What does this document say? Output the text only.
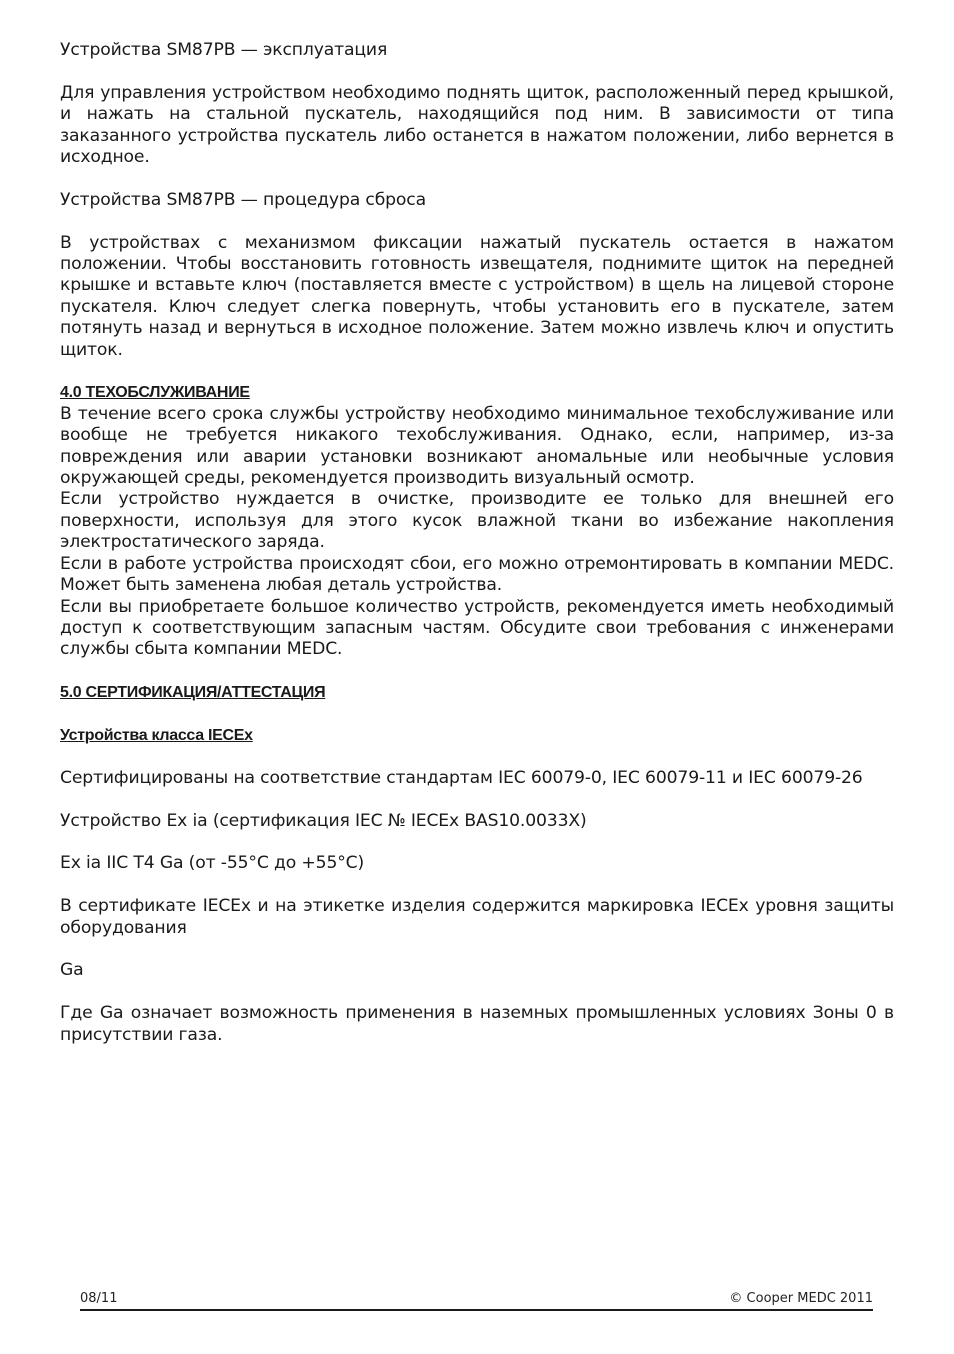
Устройства SM87PB — эксплуатация

Для управления устройством необходимо поднять щиток, расположенный перед крышкой, и нажать на стальной пускатель, находящийся под ним. В зависимости от типа заказанного устройства пускатель либо останется в нажатом положении, либо вернется в исходное.

Устройства SM87PB — процедура сброса

В устройствах с механизмом фиксации нажатый пускатель остается в нажатом положении. Чтобы восстановить готовность извещателя, поднимите щиток на передней крышке и вставьте ключ (поставляется вместе с устройством) в щель на лицевой стороне пускателя. Ключ следует слегка повернуть, чтобы установить его в пускателе, затем потянуть назад и вернуться в исходное положение. Затем можно извлечь ключ и опустить щиток.

4.0 ТЕХОБСЛУЖИВАНИЕ

В течение всего срока службы устройству необходимо минимальное техобслуживание или вообще не требуется никакого техобслуживания. Однако, если, например, из-за повреждения или аварии установки возникают аномальные или необычные условия окружающей среды, рекомендуется производить визуальный осмотр.

Если устройство нуждается в очистке, производите ее только для внешней его поверхности, используя для этого кусок влажной ткани во избежание накопления электростатического заряда.

Если в работе устройства происходят сбои, его можно отремонтировать в компании MEDC. Может быть заменена любая деталь устройства.

Если вы приобретаете большое количество устройств, рекомендуется иметь необходимый доступ к соответствующим запасным частям. Обсудите свои требования с инженерами службы сбыта компании MEDC.

5.0 СЕРТИФИКАЦИЯ/АТТЕСТАЦИЯ

Устройства класса IECEx

Сертифицированы на соответствие стандартам IEC 60079-0, IEC 60079-11 и IEC 60079-26

Устройство Ex ia (сертификация IEC № IECEx BAS10.0033X)

Ex ia IIC T4 Ga (от -55°C до +55°C)

В сертификате IECEx и на этикетке изделия содержится маркировка IECEx уровня защиты оборудования

Ga

Где Ga означает возможность применения в наземных промышленных условиях Зоны 0 в присутствии газа.

08/11	© Cooper MEDC 2011
